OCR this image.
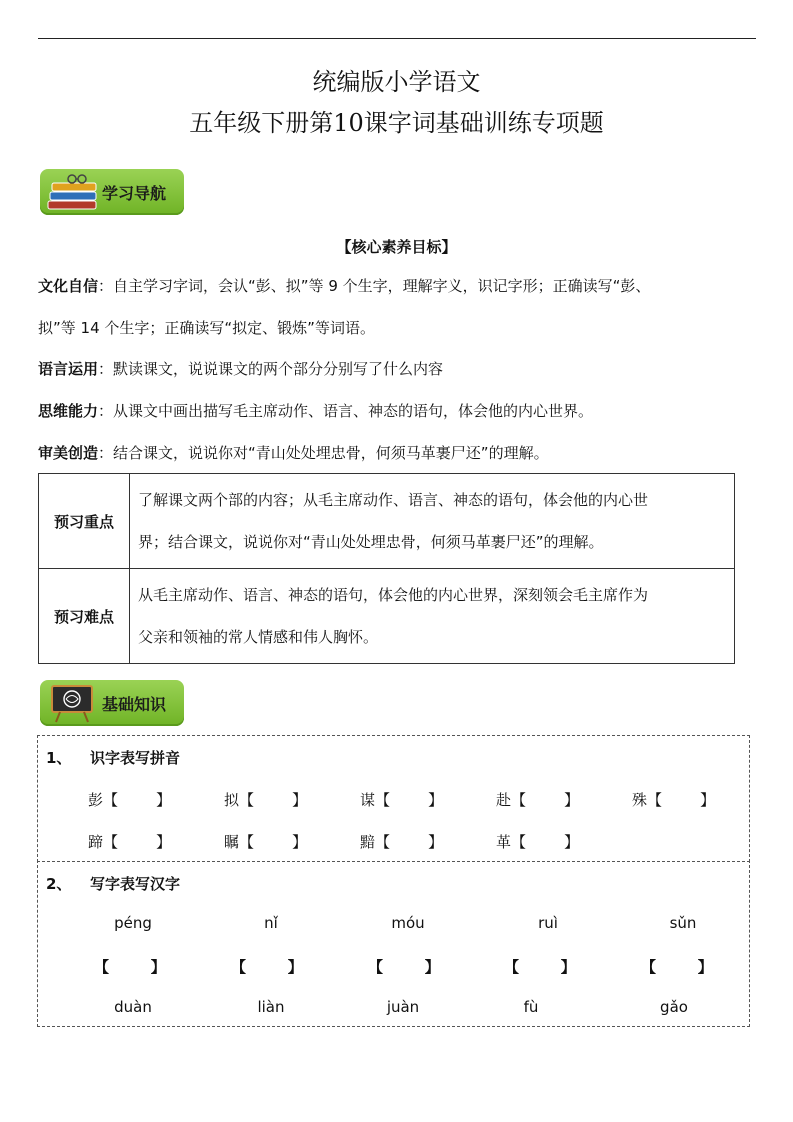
统编版小学语文
五年级下册第10课字词基础训练专项题
学习导航
【核心素养目标】
文化自信：自主学习字词，会认“彭、拟”等 9 个生字，理解字义，识记字形；正确读写“彭、
拟”等 14 个生字；正确读写“拟定、锻炼”等词语。
语言运用：默读课文，说说课文的两个部分分别写了什么内容
思维能力：从课文中画出描写毛主席动作、语言、神态的语句，体会他的内心世界。
审美创造：结合课文，说说你对“青山处处埋忠骨，何须马革裹尸还”的理解。
预习重点	了解课文两个部的内容；从毛主席动作、语言、神态的语句，体会他的内心世
界；结合课文，说说你对“青山处处埋忠骨，何须马革裹尸还”的理解。
预习难点	从毛主席动作、语言、神态的语句，体会他的内心世界，深刻领会毛主席作为
父亲和领袖的常人情感和伟人胸怀。
基础知识
1、 识字表写拼音
彭【        】	拟【        】	谋【        】	赴【        】	殊【        】
蹄【        】	瞩【        】	黯【        】	革【        】
2、 写字表写汉字
péng	nǐ	móu	ruì	sǔn
【        】	【        】	【        】	【        】	【        】
duàn	liàn	juàn	fù	gǎo
